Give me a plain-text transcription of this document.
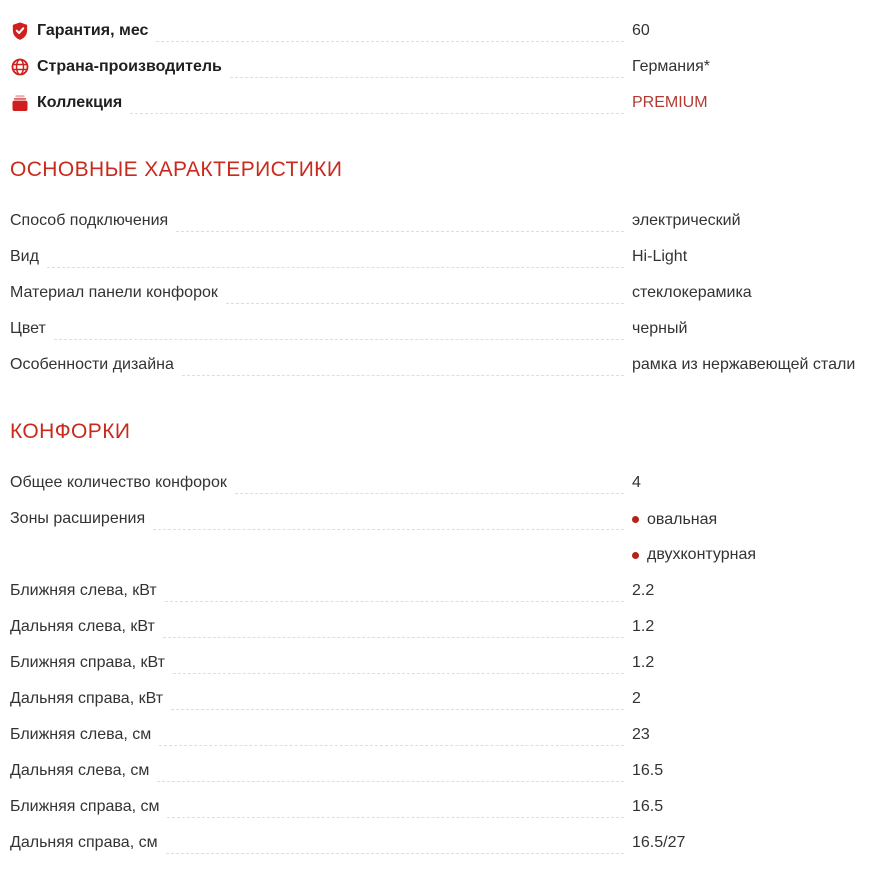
Гарантия, мес	60
Страна-производитель	Германия*
Коллекция	PREMIUM
ОСНОВНЫЕ ХАРАКТЕРИСТИКИ
Способ подключения	электрический
Вид	Hi-Light
Материал панели конфорок	стеклокерамика
Цвет	черный
Особенности дизайна	рамка из нержавеющей стали
КОНФОРКИ
Общее количество конфорок	4
Зоны расширения	овальная
двухконтурная
Ближняя слева, кВт	2.2
Дальняя слева, кВт	1.2
Ближняя справа, кВт	1.2
Дальняя справа, кВт	2
Ближняя слева, см	23
Дальняя слева, см	16.5
Ближняя справа, см	16.5
Дальняя справа, см	16.5/27
